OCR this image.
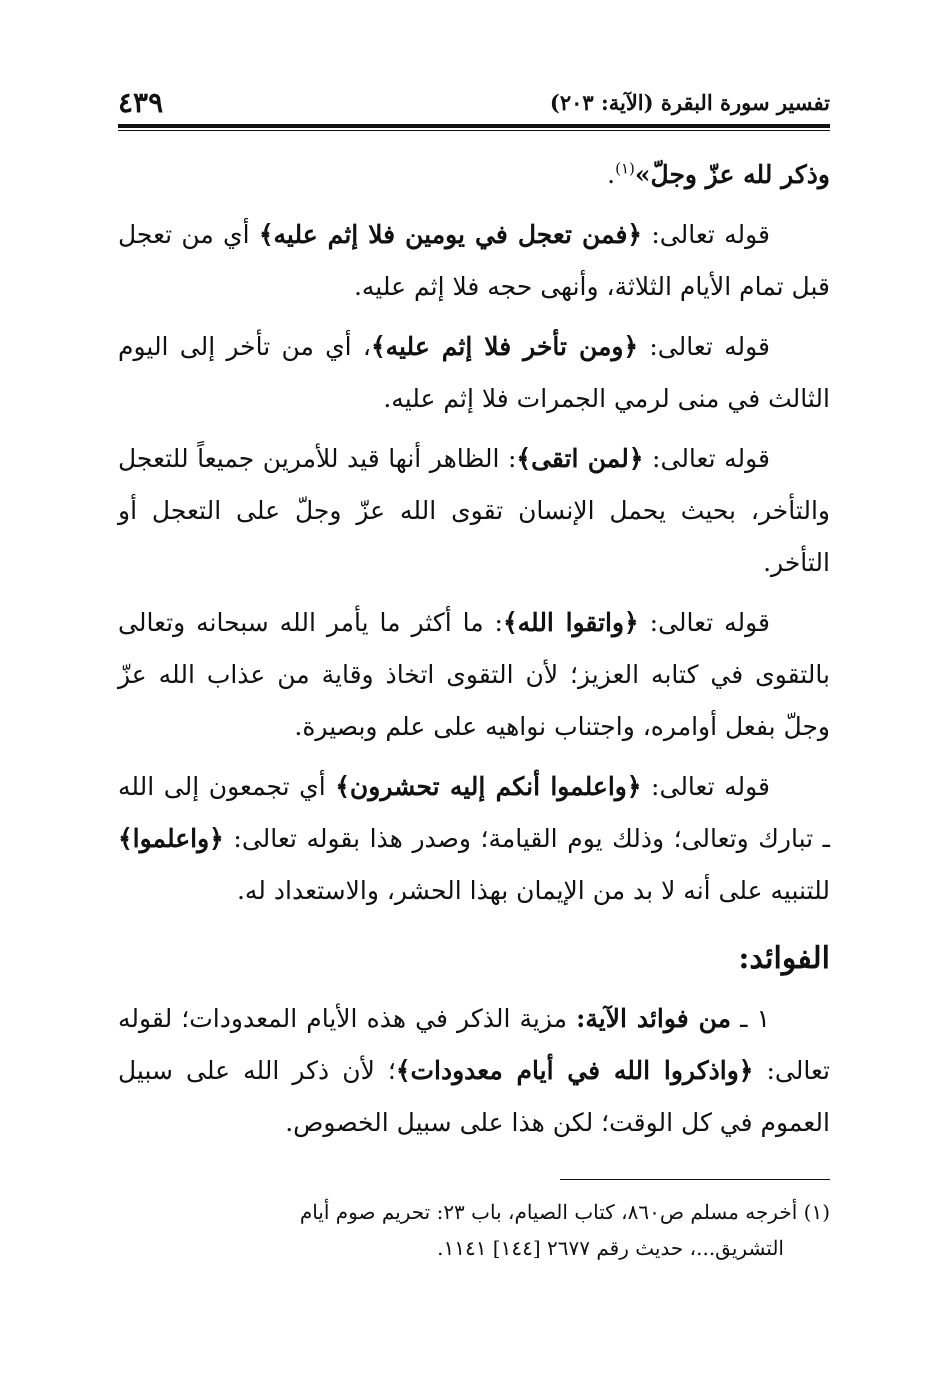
تفسير سورة البقرة (الآية: ٢٠٣)
٤٣٩

وذكر لله عزّ وجلّ»$^{(١)}$.

قوله تعالى: ﴿فمن تعجل في يومين فلا إثم عليه﴾ أي من تعجل قبل تمام الأيام الثلاثة، وأنهى حجه فلا إثم عليه.

قوله تعالى: ﴿ومن تأخر فلا إثم عليه﴾، أي من تأخر إلى اليوم الثالث في منى لرمي الجمرات فلا إثم عليه.

قوله تعالى: ﴿لمن اتقى﴾: الظاهر أنها قيد للأمرين جميعاً للتعجل والتأخر، بحيث يحمل الإنسان تقوى الله عزّ وجلّ على التعجل أو التأخر.

قوله تعالى: ﴿واتقوا الله﴾: ما أكثر ما يأمر الله سبحانه وتعالى بالتقوى في كتابه العزيز؛ لأن التقوى اتخاذ وقاية من عذاب الله عزّ وجلّ بفعل أوامره، واجتناب نواهيه على علم وبصيرة.

قوله تعالى: ﴿واعلموا أنكم إليه تحشرون﴾ أي تجمعون إلى الله ـ تبارك وتعالى؛ وذلك يوم القيامة؛ وصدر هذا بقوله تعالى: ﴿واعلموا﴾ للتنبيه على أنه لا بد من الإيمان بهذا الحشر، والاستعداد له.

الفوائد:

١ ـ من فوائد الآية: مزية الذكر في هذه الأيام المعدودات؛ لقوله تعالى: ﴿واذكروا الله في أيام معدودات﴾؛ لأن ذكر الله على سبيل العموم في كل الوقت؛ لكن هذا على سبيل الخصوص.

(١) أخرجه مسلم ص٨٦٠، كتاب الصيام، باب ٢٣: تحريم صوم أيام
التشريق...، حديث رقم ٢٦٧٧ [١٤٤] ١١٤١.
